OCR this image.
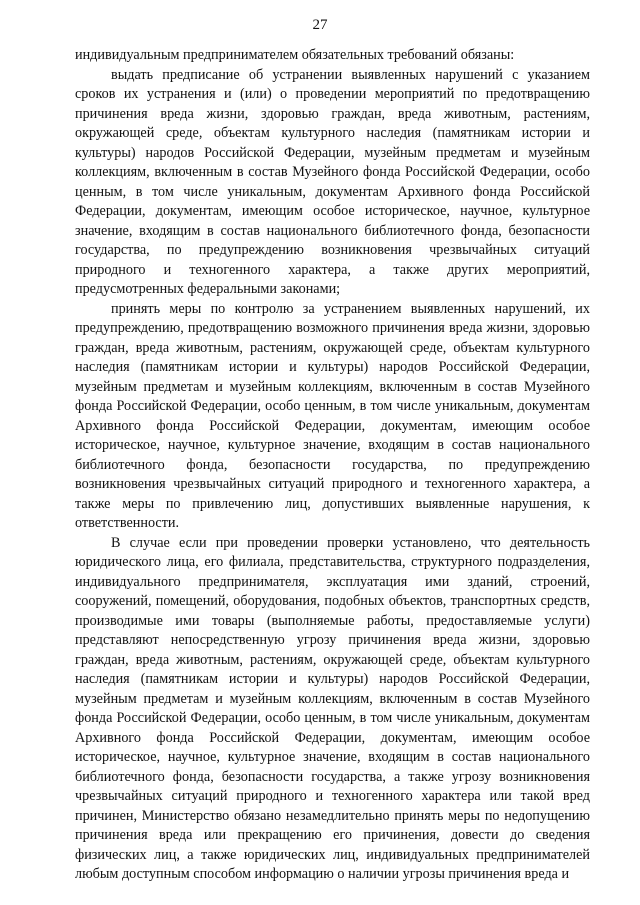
27

индивидуальным предпринимателем обязательных требований обязаны:

выдать предписание об устранении выявленных нарушений с указанием сроков их устранения и (или) о проведении мероприятий по предотвращению причинения вреда жизни, здоровью граждан, вреда животным, растениям, окружающей среде, объектам культурного наследия (памятникам истории и культуры) народов Российской Федерации, музейным предметам и музейным коллекциям, включенным в состав Музейного фонда Российской Федерации, особо ценным, в том числе уникальным, документам Архивного фонда Российской Федерации, документам, имеющим особое историческое, научное, культурное значение, входящим в состав национального библиотечного фонда, безопасности государства, по предупреждению возникновения чрезвычайных ситуаций природного и техногенного характера, а также других мероприятий, предусмотренных федеральными законами;

принять меры по контролю за устранением выявленных нарушений, их предупреждению, предотвращению возможного причинения вреда жизни, здоровью граждан, вреда животным, растениям, окружающей среде, объектам культурного наследия (памятникам истории и культуры) народов Российской Федерации, музейным предметам и музейным коллекциям, включенным в состав Музейного фонда Российской Федерации, особо ценным, в том числе уникальным, документам Архивного фонда Российской Федерации, документам, имеющим особое историческое, научное, культурное значение, входящим в состав национального библиотечного фонда, безопасности государства, по предупреждению возникновения чрезвычайных ситуаций природного и техногенного характера, а также меры по привлечению лиц, допустивших выявленные нарушения, к ответственности.

В случае если при проведении проверки установлено, что деятельность юридического лица, его филиала, представительства, структурного подразделения, индивидуального предпринимателя, эксплуатация ими зданий, строений, сооружений, помещений, оборудования, подобных объектов, транспортных средств, производимые ими товары (выполняемые работы, предоставляемые услуги) представляют непосредственную угрозу причинения вреда жизни, здоровью граждан, вреда животным, растениям, окружающей среде, объектам культурного наследия (памятникам истории и культуры) народов Российской Федерации, музейным предметам и музейным коллекциям, включенным в состав Музейного фонда Российской Федерации, особо ценным, в том числе уникальным, документам Архивного фонда Российской Федерации, документам, имеющим особое историческое, научное, культурное значение, входящим в состав национального библиотечного фонда, безопасности государства, а также угрозу возникновения чрезвычайных ситуаций природного и техногенного характера или такой вред причинен, Министерство обязано незамедлительно принять меры по недопущению причинения вреда или прекращению его причинения, довести до сведения физических лиц, а также юридических лиц, индивидуальных предпринимателей любым доступным способом информацию о наличии угрозы причинения вреда и
